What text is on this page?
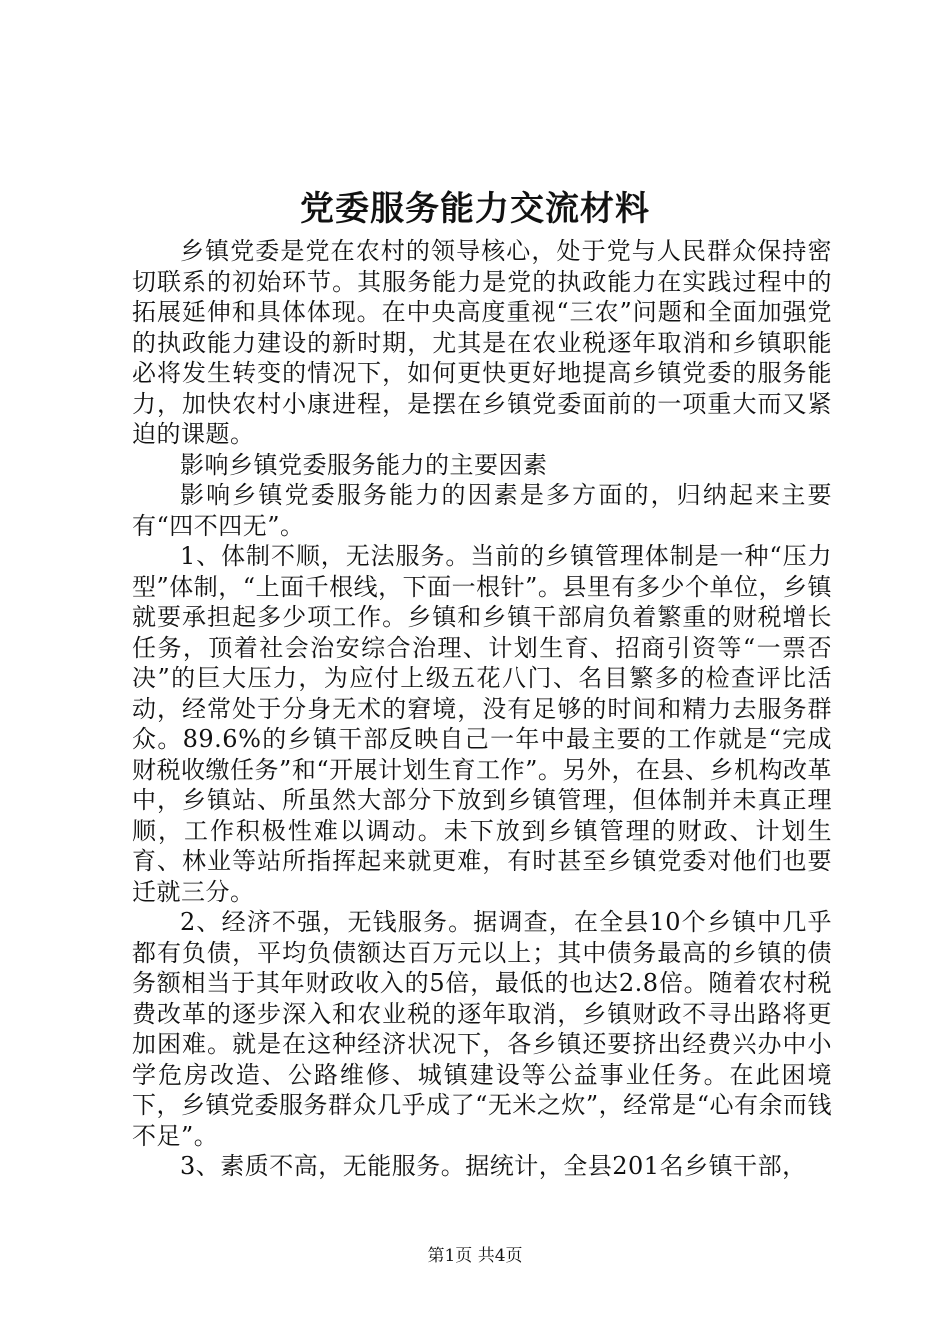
党委服务能力交流材料

乡镇党委是党在农村的领导核心，处于党与人民群众保持密切联系的初始环节。其服务能力是党的执政能力在实践过程中的拓展延伸和具体体现。在中央高度重视“三农”问题和全面加强党的执政能力建设的新时期，尤其是在农业税逐年取消和乡镇职能必将发生转变的情况下，如何更快更好地提高乡镇党委的服务能力，加快农村小康进程，是摆在乡镇党委面前的一项重大而又紧迫的课题。

影响乡镇党委服务能力的主要因素

影响乡镇党委服务能力的因素是多方面的，归纳起来主要有“四不四无”。

1、体制不顺，无法服务。当前的乡镇管理体制是一种“压力型”体制，“上面千根线，下面一根针”。县里有多少个单位，乡镇就要承担起多少项工作。乡镇和乡镇干部肩负着繁重的财税增长任务，顶着社会治安综合治理、计划生育、招商引资等“一票否决”的巨大压力，为应付上级五花八门、名目繁多的检查评比活动，经常处于分身无术的窘境，没有足够的时间和精力去服务群众。89.6%的乡镇干部反映自己一年中最主要的工作就是“完成财税收缴任务”和“开展计划生育工作”。另外，在县、乡机构改革中，乡镇站、所虽然大部分下放到乡镇管理，但体制并未真正理顺，工作积极性难以调动。未下放到乡镇管理的财政、计划生育、林业等站所指挥起来就更难，有时甚至乡镇党委对他们也要迁就三分。

2、经济不强，无钱服务。据调查，在全县10个乡镇中几乎都有负债，平均负债额达百万元以上；其中债务最高的乡镇的债务额相当于其年财政收入的5倍，最低的也达2.8倍。随着农村税费改革的逐步深入和农业税的逐年取消，乡镇财政不寻出路将更加困难。就是在这种经济状况下，各乡镇还要挤出经费兴办中小学危房改造、公路维修、城镇建设等公益事业任务。在此困境下，乡镇党委服务群众几乎成了“无米之炊”，经常是“心有余而钱不足”。

3、素质不高，无能服务。据统计，全县201名乡镇干部，

第1页 共4页
